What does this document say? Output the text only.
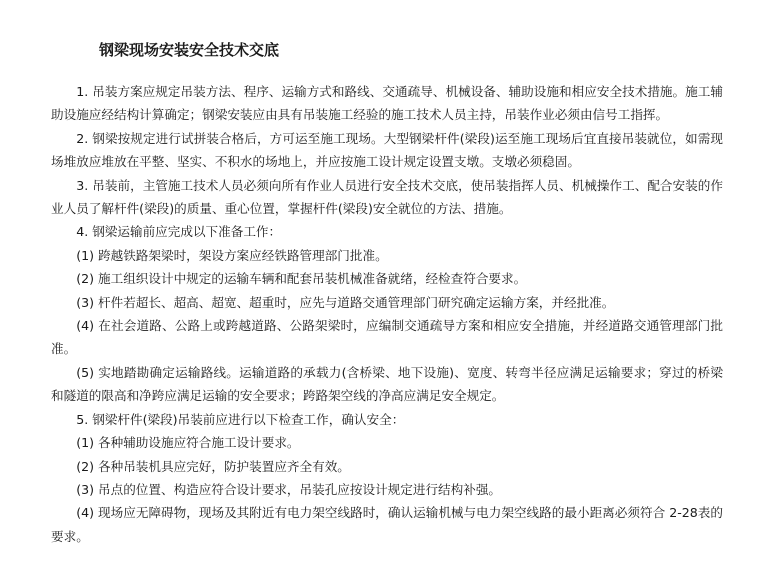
钢梁现场安装安全技术交底

1. 吊装方案应规定吊装方法、程序、运输方式和路线、交通疏导、机械设备、辅助设施和相应安全技术措施。施工辅助设施应经结构计算确定；钢梁安装应由具有吊装施工经验的施工技术人员主持，吊装作业必须由信号工指挥。

2. 钢梁按规定进行试拼装合格后，方可运至施工现场。大型钢梁杆件(梁段)运至施工现场后宜直接吊装就位，如需现场堆放应堆放在平整、坚实、不积水的场地上，并应按施工设计规定设置支墩。支墩必须稳固。

3. 吊装前，主管施工技术人员必须向所有作业人员进行安全技术交底，使吊装指挥人员、机械操作工、配合安装的作业人员了解杆件(梁段)的质量、重心位置，掌握杆件(梁段)安全就位的方法、措施。

4. 钢梁运输前应完成以下准备工作：

(1) 跨越铁路架梁时，架设方案应经铁路管理部门批准。

(2) 施工组织设计中规定的运输车辆和配套吊装机械准备就绪，经检查符合要求。

(3) 杆件若超长、超高、超宽、超重时，应先与道路交通管理部门研究确定运输方案，并经批准。

(4) 在社会道路、公路上或跨越道路、公路架梁时，应编制交通疏导方案和相应安全措施，并经道路交通管理部门批准。

(5) 实地踏勘确定运输路线。运输道路的承载力(含桥梁、地下设施)、宽度、转弯半径应满足运输要求；穿过的桥梁和隧道的限高和净跨应满足运输的安全要求；跨路架空线的净高应满足安全规定。

5. 钢梁杆件(梁段)吊装前应进行以下检查工作，确认安全：

(1) 各种辅助设施应符合施工设计要求。

(2) 各种吊装机具应完好，防护装置应齐全有效。

(3) 吊点的位置、构造应符合设计要求，吊装孔应按设计规定进行结构补强。

(4) 现场应无障碍物，现场及其附近有电力架空线路时，确认运输机械与电力架空线路的最小距离必须符合 2-28表的要求。
